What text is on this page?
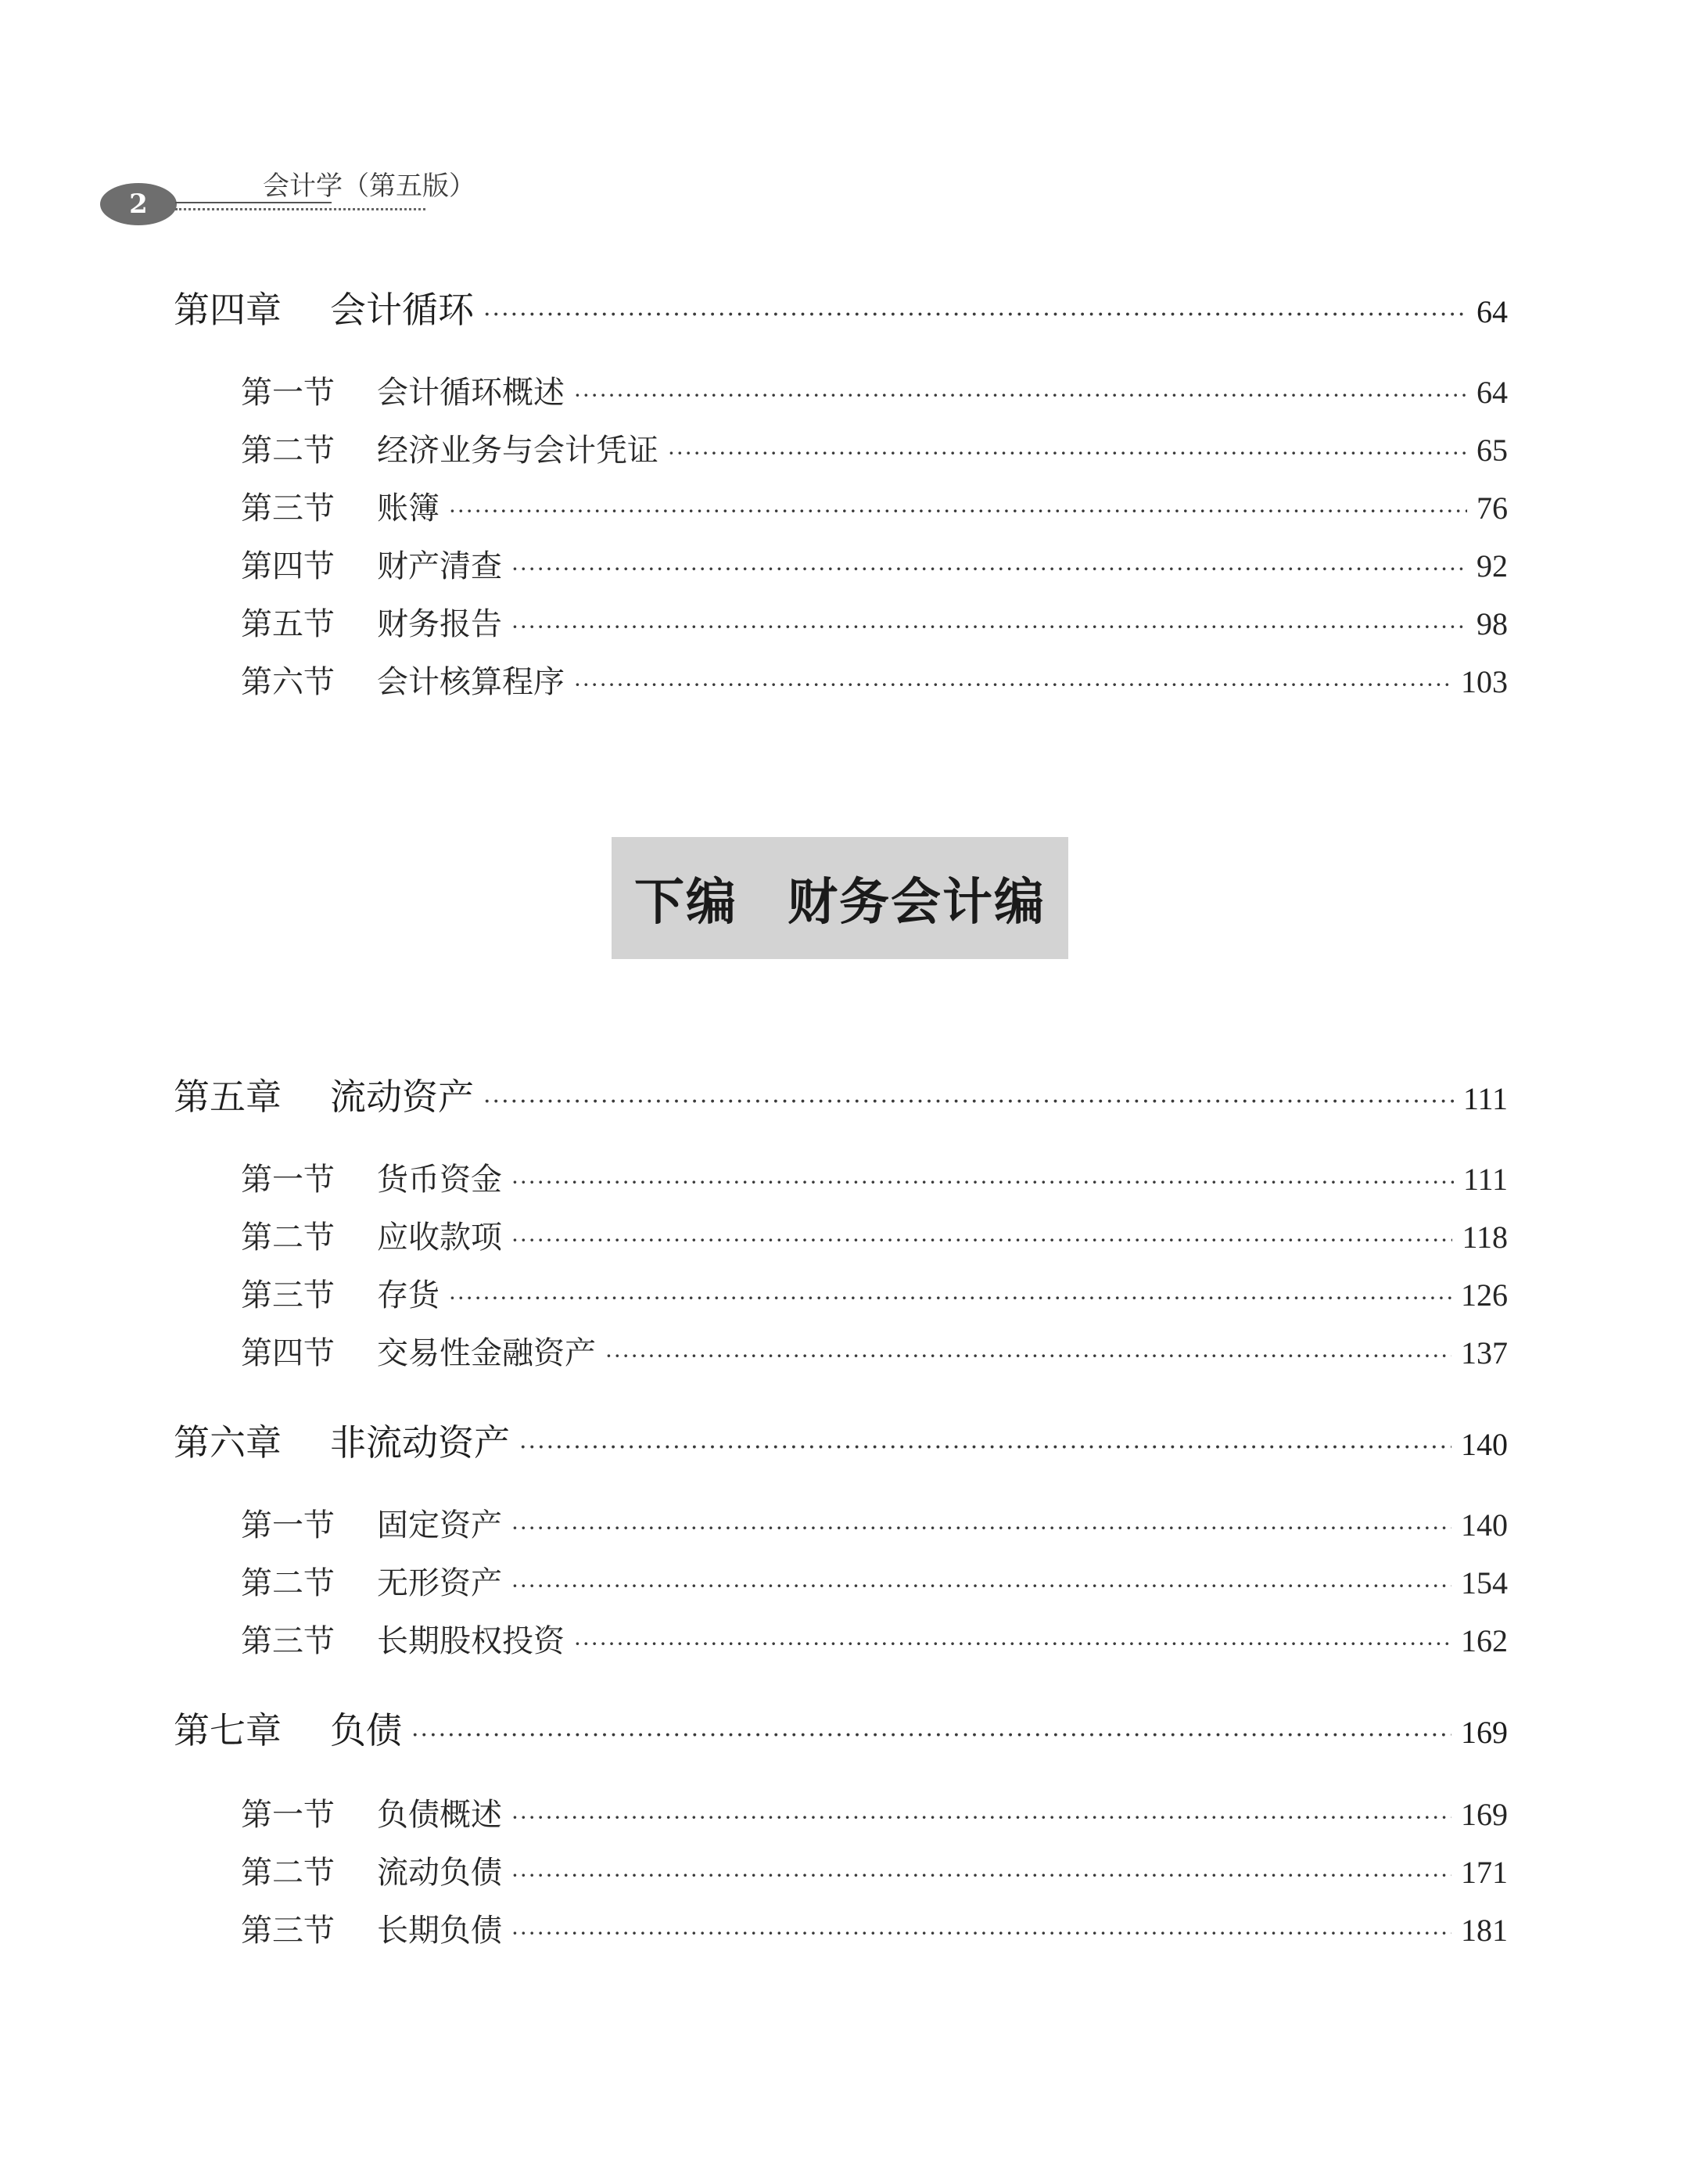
2
会计学（第五版）
第四章	会计循环 ·····	64
第一节	会计循环概述 ·····	64
第二节	经济业务与会计凭证 ·····	65
第三节	账簿 ·····	76
第四节	财产清查 ·····	92
第五节	财务报告 ·····	98
第六节	会计核算程序 ·····	103
下编 财务会计编
第五章	流动资产 ·····	111
第一节	货币资金 ·····	111
第二节	应收款项 ·····	118
第三节	存货 ·····	126
第四节	交易性金融资产 ·····	137
第六章	非流动资产 ·····	140
第一节	固定资产 ·····	140
第二节	无形资产 ·····	154
第三节	长期股权投资 ·····	162
第七章	负债 ·····	169
第一节	负债概述 ·····	169
第二节	流动负债 ·····	171
第三节	长期负债 ·····	181
